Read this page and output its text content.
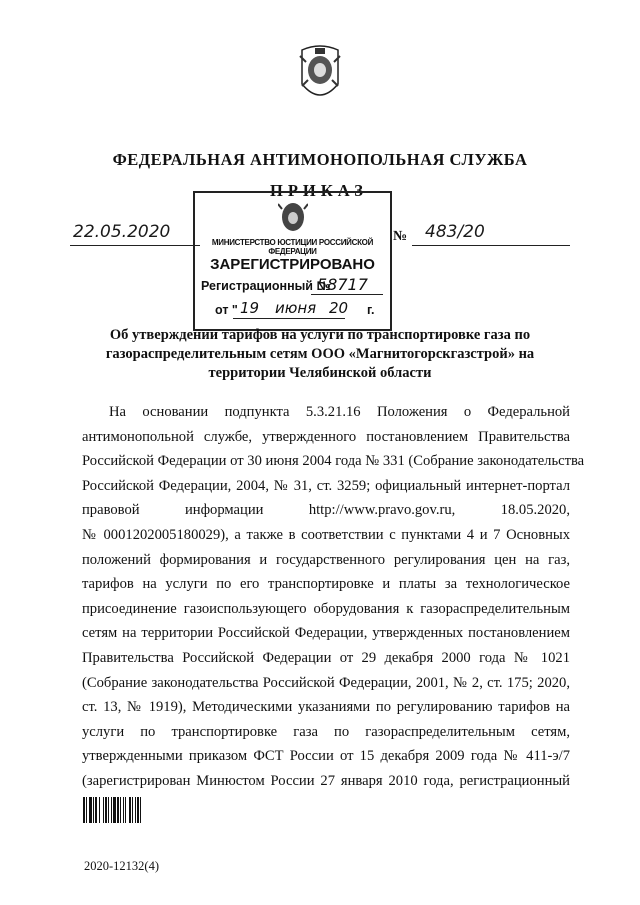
ФЕДЕРАЛЬНАЯ АНТИМОНОПОЛЬНАЯ СЛУЖБА
ПРИКАЗ
22.05.2020	№ 483/20
МИНИСТЕРСТВО ЮСТИЦИИ РОССИЙСКОЙ ФЕДЕРАЦИИ
ЗАРЕГИСТРИРОВАНО
Регистрационный №
58717
от " 19 июня 20 г.
Об утверждении тарифов на услуги по транспортировке газа по
газораспределительным сетям ООО «Магнитогорскгазстрой» на
территории Челябинской области
На основании подпункта 5.3.21.16 Положения о Федеральной
антимонопольной службе, утвержденного постановлением Правительства
Российской Федерации от 30 июня 2004 года № 331 (Собрание законодательства
Российской Федерации, 2004, № 31, ст. 3259; официальный интернет-портал
правовой информации http://www.pravo.gov.ru, 18.05.2020,
№ 0001202005180029), а также в соответствии с пунктами 4 и 7 Основных
положений формирования и государственного регулирования цен на газ,
тарифов на услуги по его транспортировке и платы за технологическое
присоединение газоиспользующего оборудования к газораспределительным
сетям на территории Российской Федерации, утвержденных постановлением
Правительства Российской Федерации от 29 декабря 2000 года № 1021
(Собрание законодательства Российской Федерации, 2001, № 2, ст. 175; 2020,
ст. 13, № 1919), Методическими указаниями по регулированию тарифов на
услуги по транспортировке газа по газораспределительным сетям,
утвержденными приказом ФСТ России от 15 декабря 2009 года № 411-э/7
(зарегистрирован Минюстом России 27 января 2010 года, регистрационный
2020-12132(4)
